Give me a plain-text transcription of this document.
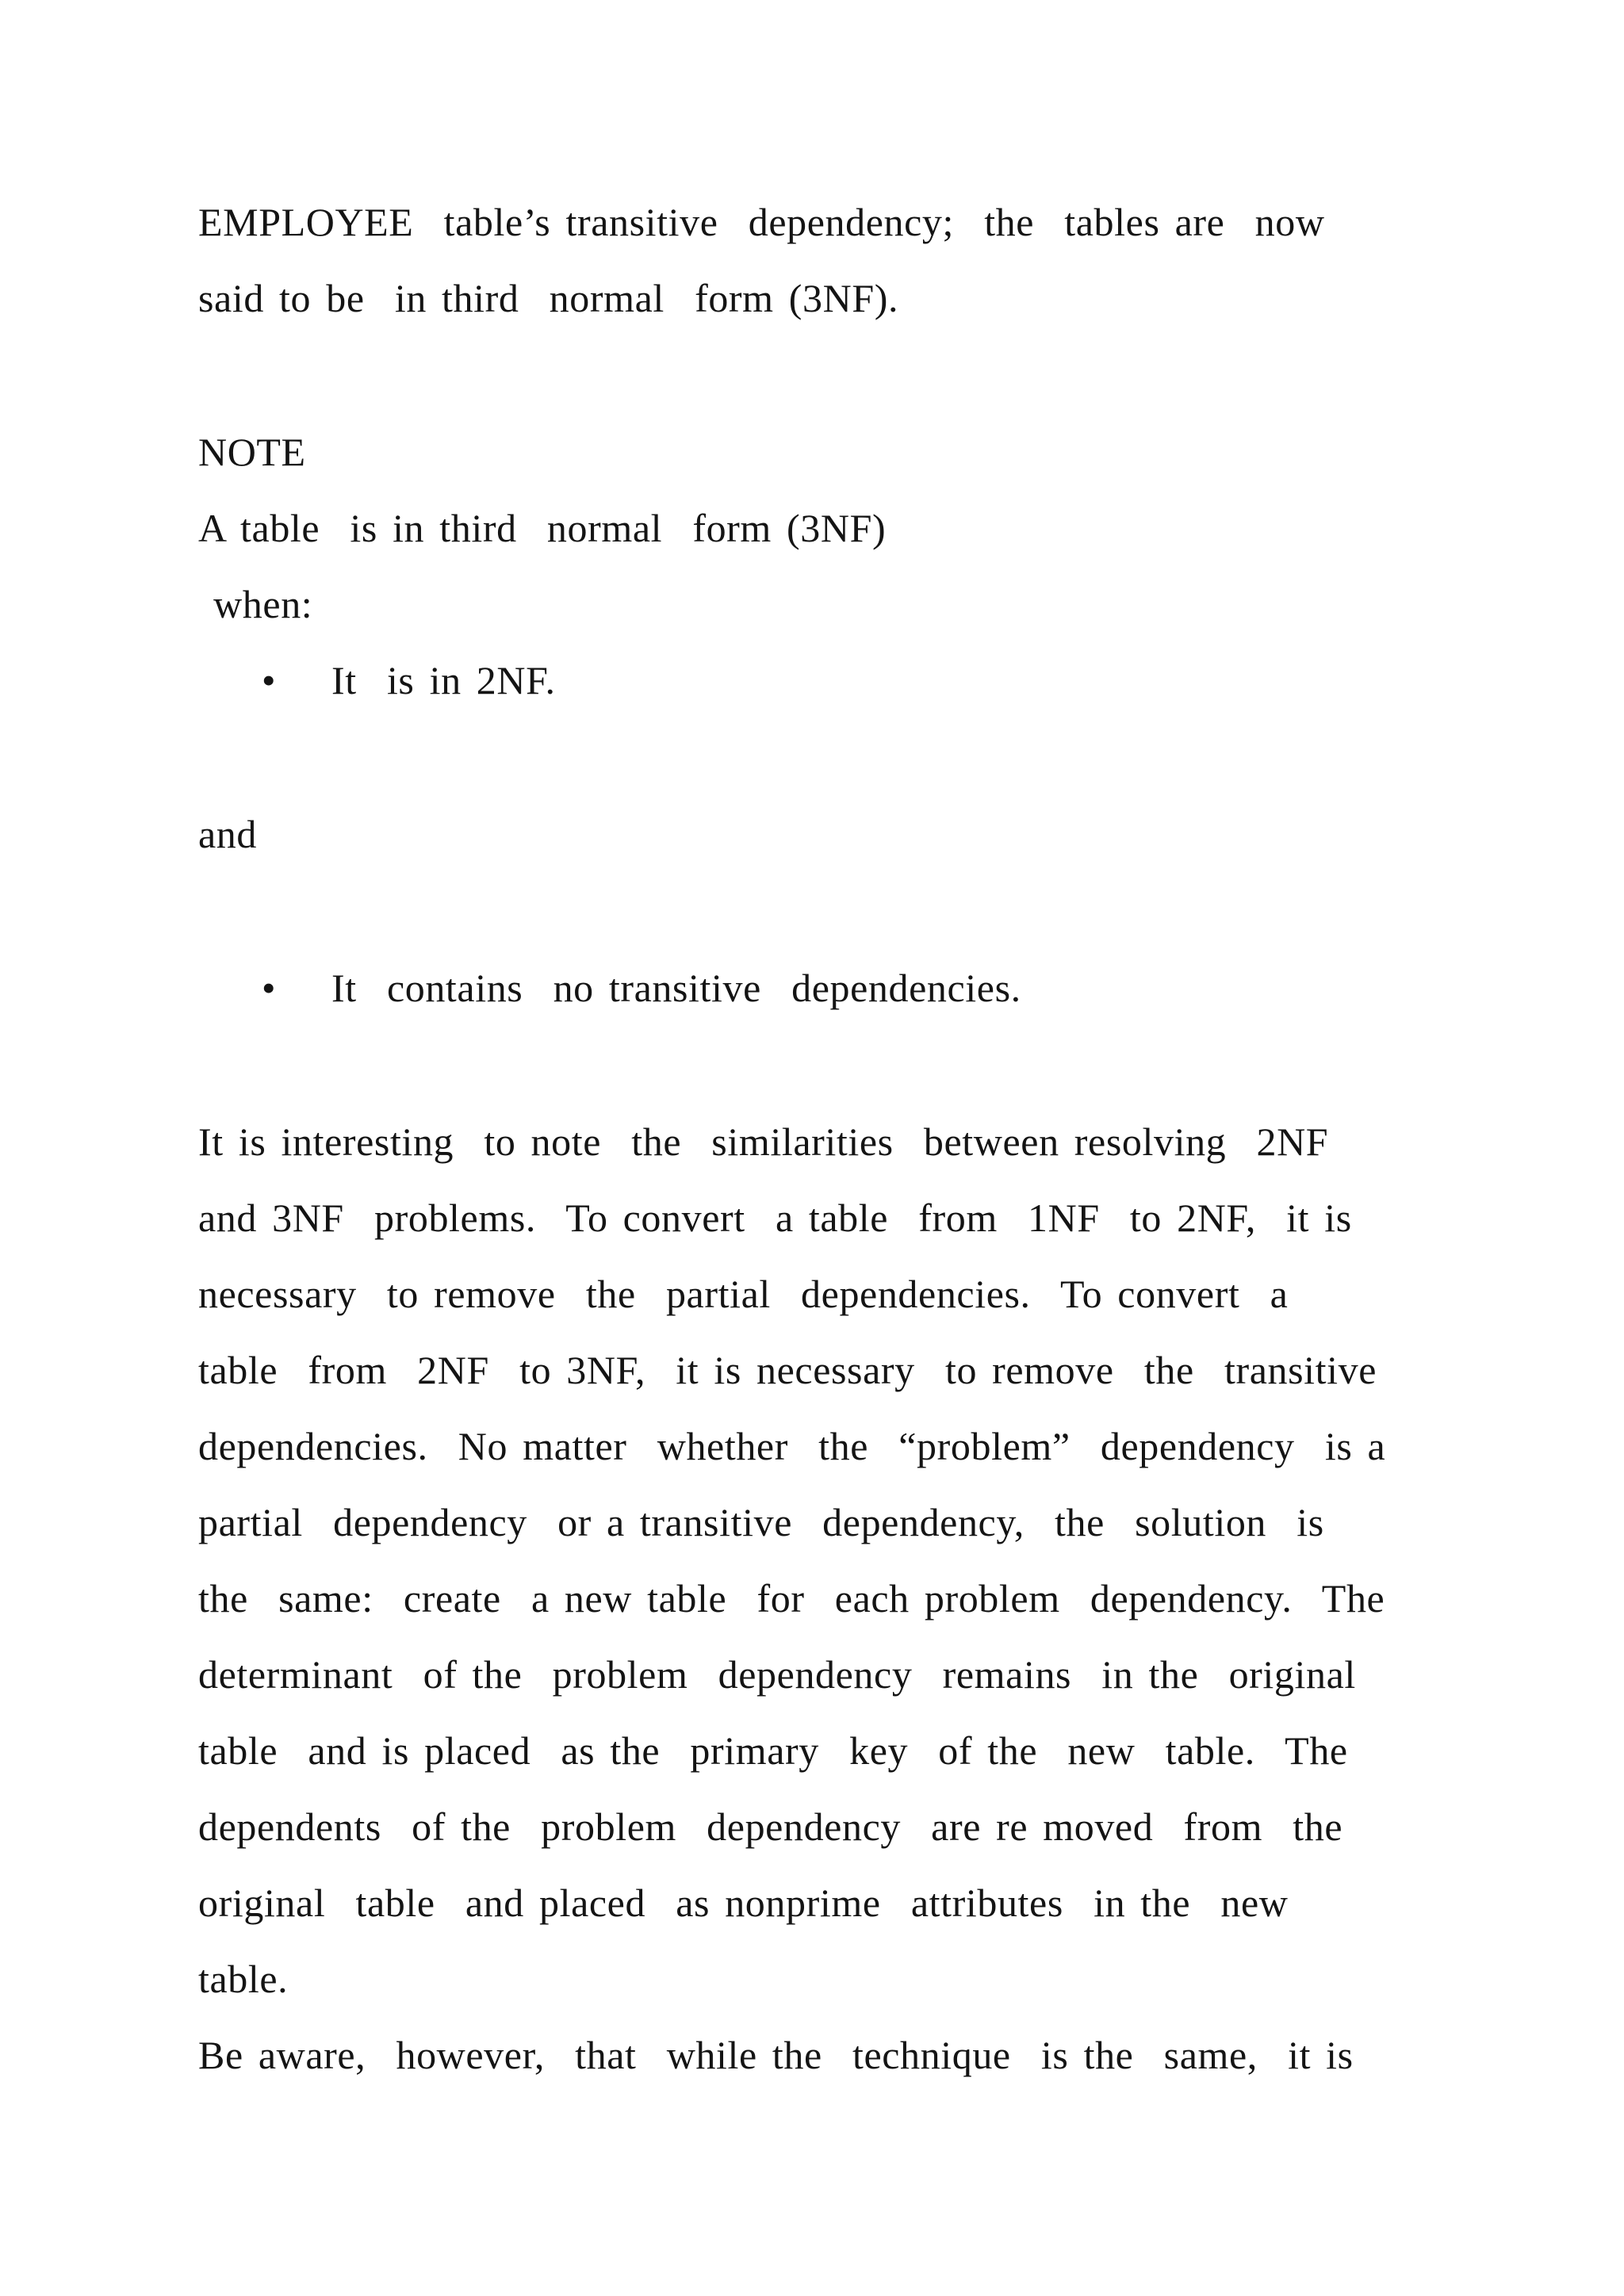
EMPLOYEE  table’s transitive  dependency;  the  tables are  now
said to be  in third  normal  form (3NF).
NOTE
A table  is in third  normal  form (3NF)
when:
• It  is in 2NF.
and
• It  contains  no transitive  dependencies.
It is interesting  to note  the  similarities  between resolving  2NF
and 3NF  problems.  To convert  a table  from  1NF  to 2NF,  it is
necessary  to remove  the  partial  dependencies.  To convert  a
table  from  2NF  to 3NF,  it is necessary  to remove  the  transitive
dependencies.  No matter  whether  the  “problem”  dependency  is a
partial  dependency  or a transitive  dependency,  the  solution  is
the  same:  create  a new table  for  each problem  dependency.  The
determinant  of the  problem  dependency  remains  in the  original
table  and is placed  as the  primary  key  of the  new  table.  The
dependents  of the  problem  dependency  are re moved  from  the
original  table  and placed  as nonprime  attributes  in the  new
table.
Be aware,  however,  that  while the  technique  is the  same,  it is
